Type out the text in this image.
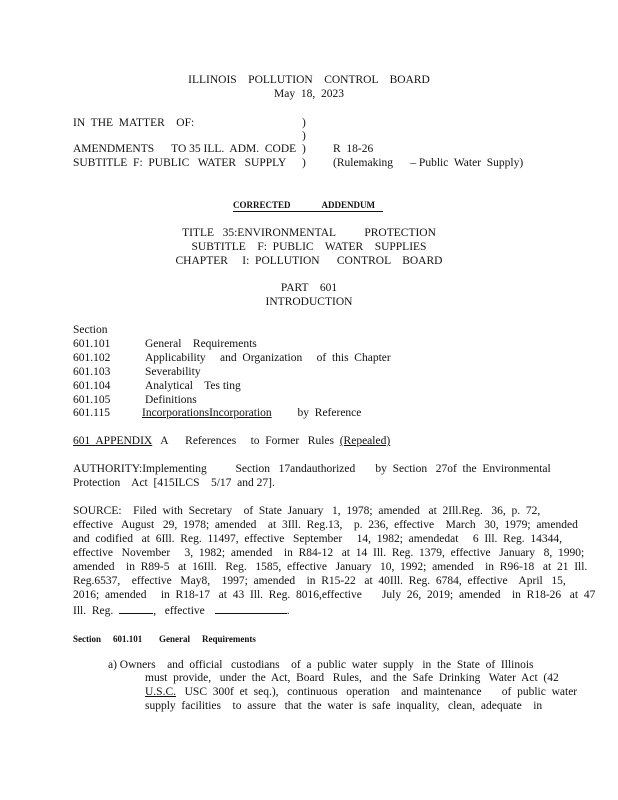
ILLINOIS    POLLUTION    CONTROL    BOARD
May  18,  2023
IN  THE  MATTER    OF:
AMENDMENTS      TO 35 ILL.  ADM.  CODE
SUBTITLE  F:  PUBLIC   WATER   SUPPLY
)
)
)
)
R  18-26
(Rulemaking      – Public  Water  Supply)
CORRECTED              ADDENDUM
TITLE   35:ENVIRONMENTAL          PROTECTION
SUBTITLE    F:  PUBLIC    WATER    SUPPLIES
CHAPTER     I:  POLLUTION      CONTROL    BOARD
PART    601
INTRODUCTION
Section
601.101	General    Requirements
601.102	Applicability     and  Organization     of  this  Chapter
601.103	Severability
601.104	Analytical    Tes ting
601.105	Definitions
601.115	IncorporationsIncorporation         by  Reference
601  APPENDIX   A      References     to  Former   Rules  (Repealed)
AUTHORITY:Implementing          Section   17andauthorized       by  Section   27of  the  Environmental
Protection    Act  [415ILCS    5/17  and 27].
SOURCE:    Filed  with  Secretary    of  State  January   1,  1978;  amended   at  2Ill.Reg.   36,  p.  72,
effective   August   29,  1978;  amended    at  3Ill.  Reg.13,    p.  236,  effective    March   30,  1979;  amended
and  codified   at  6Ill.  Reg.  11497,  effective   September     14,  1982;  amendedat     6  Ill.  Reg.  14344,
effective   November     3,  1982;  amended    in  R84-12   at  14  Ill.  Reg.  1379,  effective   January   8,  1990;
amended    in  R89-5   at  16Ill.   Reg.   1585,  effective   January   10,  1992;  amended    in  R96-18   at  21  Ill.
Reg.6537,    effective   May8,    1997;  amended    in  R15-22   at  40Ill.  Reg.  6784,  effective    April   15,
2016;  amended     in  R18-17   at  43  Ill.  Reg.  8016,effective       July  26,  2019;  amended    in  R18-26   at  47
Ill.  Reg.	,   effective	.
Section 601.101 General Requirements
a) Owners    and  official   custodians    of  a  public  water  supply   in  the  State  of  Illinois
must  provide,   under  the  Act,  Board   Rules,   and  the  Safe  Drinking   Water  Act  (42
U.S.C.   USC  300f  et  seq.),   continuous   operation    and  maintenance       of  public  water
supply  facilities    to  assure   that  the  water  is  safe  inquality,   clean,  adequate    in
